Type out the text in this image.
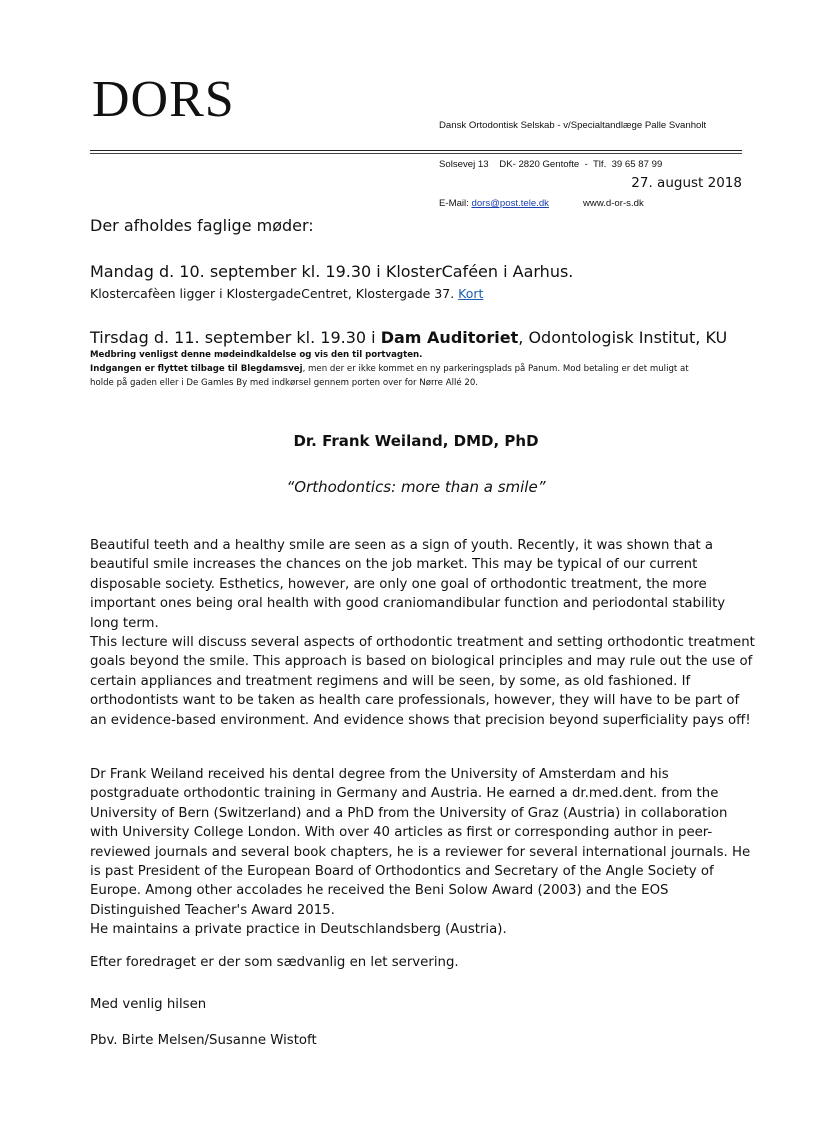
DORS

	Dansk Ortodontisk Selskab - v/Specialtandlæge Palle Svanholt

Solsevej 13    DK- 2820 Gentofte  -  Tlf.  39 65 87 99

E-Mail: dors@post.tele.dk	www.d-or-s.dk

27. august 2018
Der afholdes faglige møder:
Mandag d. 10. september kl. 19.30 i KlosterCaféen i Aarhus.
Klostercafèen ligger i KlostergadeCentret, Klostergade 37. Kort
Tirsdag d. 11. september kl. 19.30 i Dam Auditoriet, Odontologisk Institut, KU
Medbring venligst denne mødeindkaldelse og vis den til portvagten.
Indgangen er flyttet tilbage til Blegdamsvej, men der er ikke kommet en ny parkeringsplads på Panum. Mod betaling er det muligt at
holde på gaden eller i De Gamles By med indkørsel gennem porten over for Nørre Allé 20.
Dr. Frank Weiland, DMD, PhD
“Orthodontics: more than a smile”
Beautiful teeth and a healthy smile are seen as a sign of youth. Recently, it was shown that a
beautiful smile increases the chances on the job market. This may be typical of our current
disposable society. Esthetics, however, are only one goal of orthodontic treatment, the more
important ones being oral health with good craniomandibular function and periodontal stability
long term.
This lecture will discuss several aspects of orthodontic treatment and setting orthodontic treatment
goals beyond the smile. This approach is based on biological principles and may rule out the use of
certain appliances and treatment regimens and will be seen, by some, as old fashioned. If
orthodontists want to be taken as health care professionals, however, they will have to be part of
an evidence-based environment. And evidence shows that precision beyond superficiality pays off!
Dr Frank Weiland received his dental degree from the University of Amsterdam and his
postgraduate orthodontic training in Germany and Austria. He earned a dr.med.dent. from the
University of Bern (Switzerland) and a PhD from the University of Graz (Austria) in collaboration
with University College London. With over 40 articles as first or corresponding author in peer-
reviewed journals and several book chapters, he is a reviewer for several international journals. He
is past President of the European Board of Orthodontics and Secretary of the Angle Society of
Europe. Among other accolades he received the Beni Solow Award (2003) and the EOS
Distinguished Teacher's Award 2015.
He maintains a private practice in Deutschlandsberg (Austria).
Efter foredraget er der som sædvanlig en let servering.
Med venlig hilsen
Pbv. Birte Melsen/Susanne Wistoft
